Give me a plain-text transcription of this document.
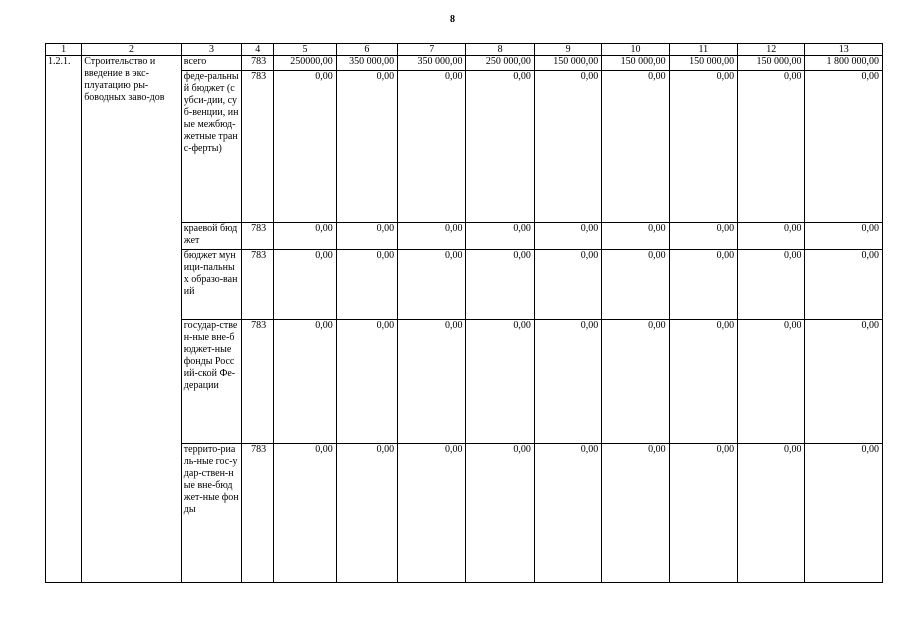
8
1	2	3	4	5	6	7	8	9	10	11	12	13
1.2.1.	Строительство и введение в экс-плуатацию ры-боводных заво-дов	всего	783	250000,00	350 000,00	350 000,00	250 000,00	150 000,00	150 000,00	150 000,00	150 000,00	1 800 000,00
		феде-ральный бюджет (субси-дии, суб-венции, иные межбюд-жетные транс-ферты)	783	0,00	0,00	0,00	0,00	0,00	0,00	0,00	0,00	0,00
		краевой бюджет	783	0,00	0,00	0,00	0,00	0,00	0,00	0,00	0,00	0,00
		бюджет муници-пальных образо-ваний	783	0,00	0,00	0,00	0,00	0,00	0,00	0,00	0,00	0,00
		государ-ствен-ные вне-бюджет-ные фонды Россий-ской Фе-дерации	783	0,00	0,00	0,00	0,00	0,00	0,00	0,00	0,00	0,00
		террито-риаль-ные гос-удар-ствен-ные вне-бюджет-ные фонды	783	0,00	0,00	0,00	0,00	0,00	0,00	0,00	0,00	0,00
